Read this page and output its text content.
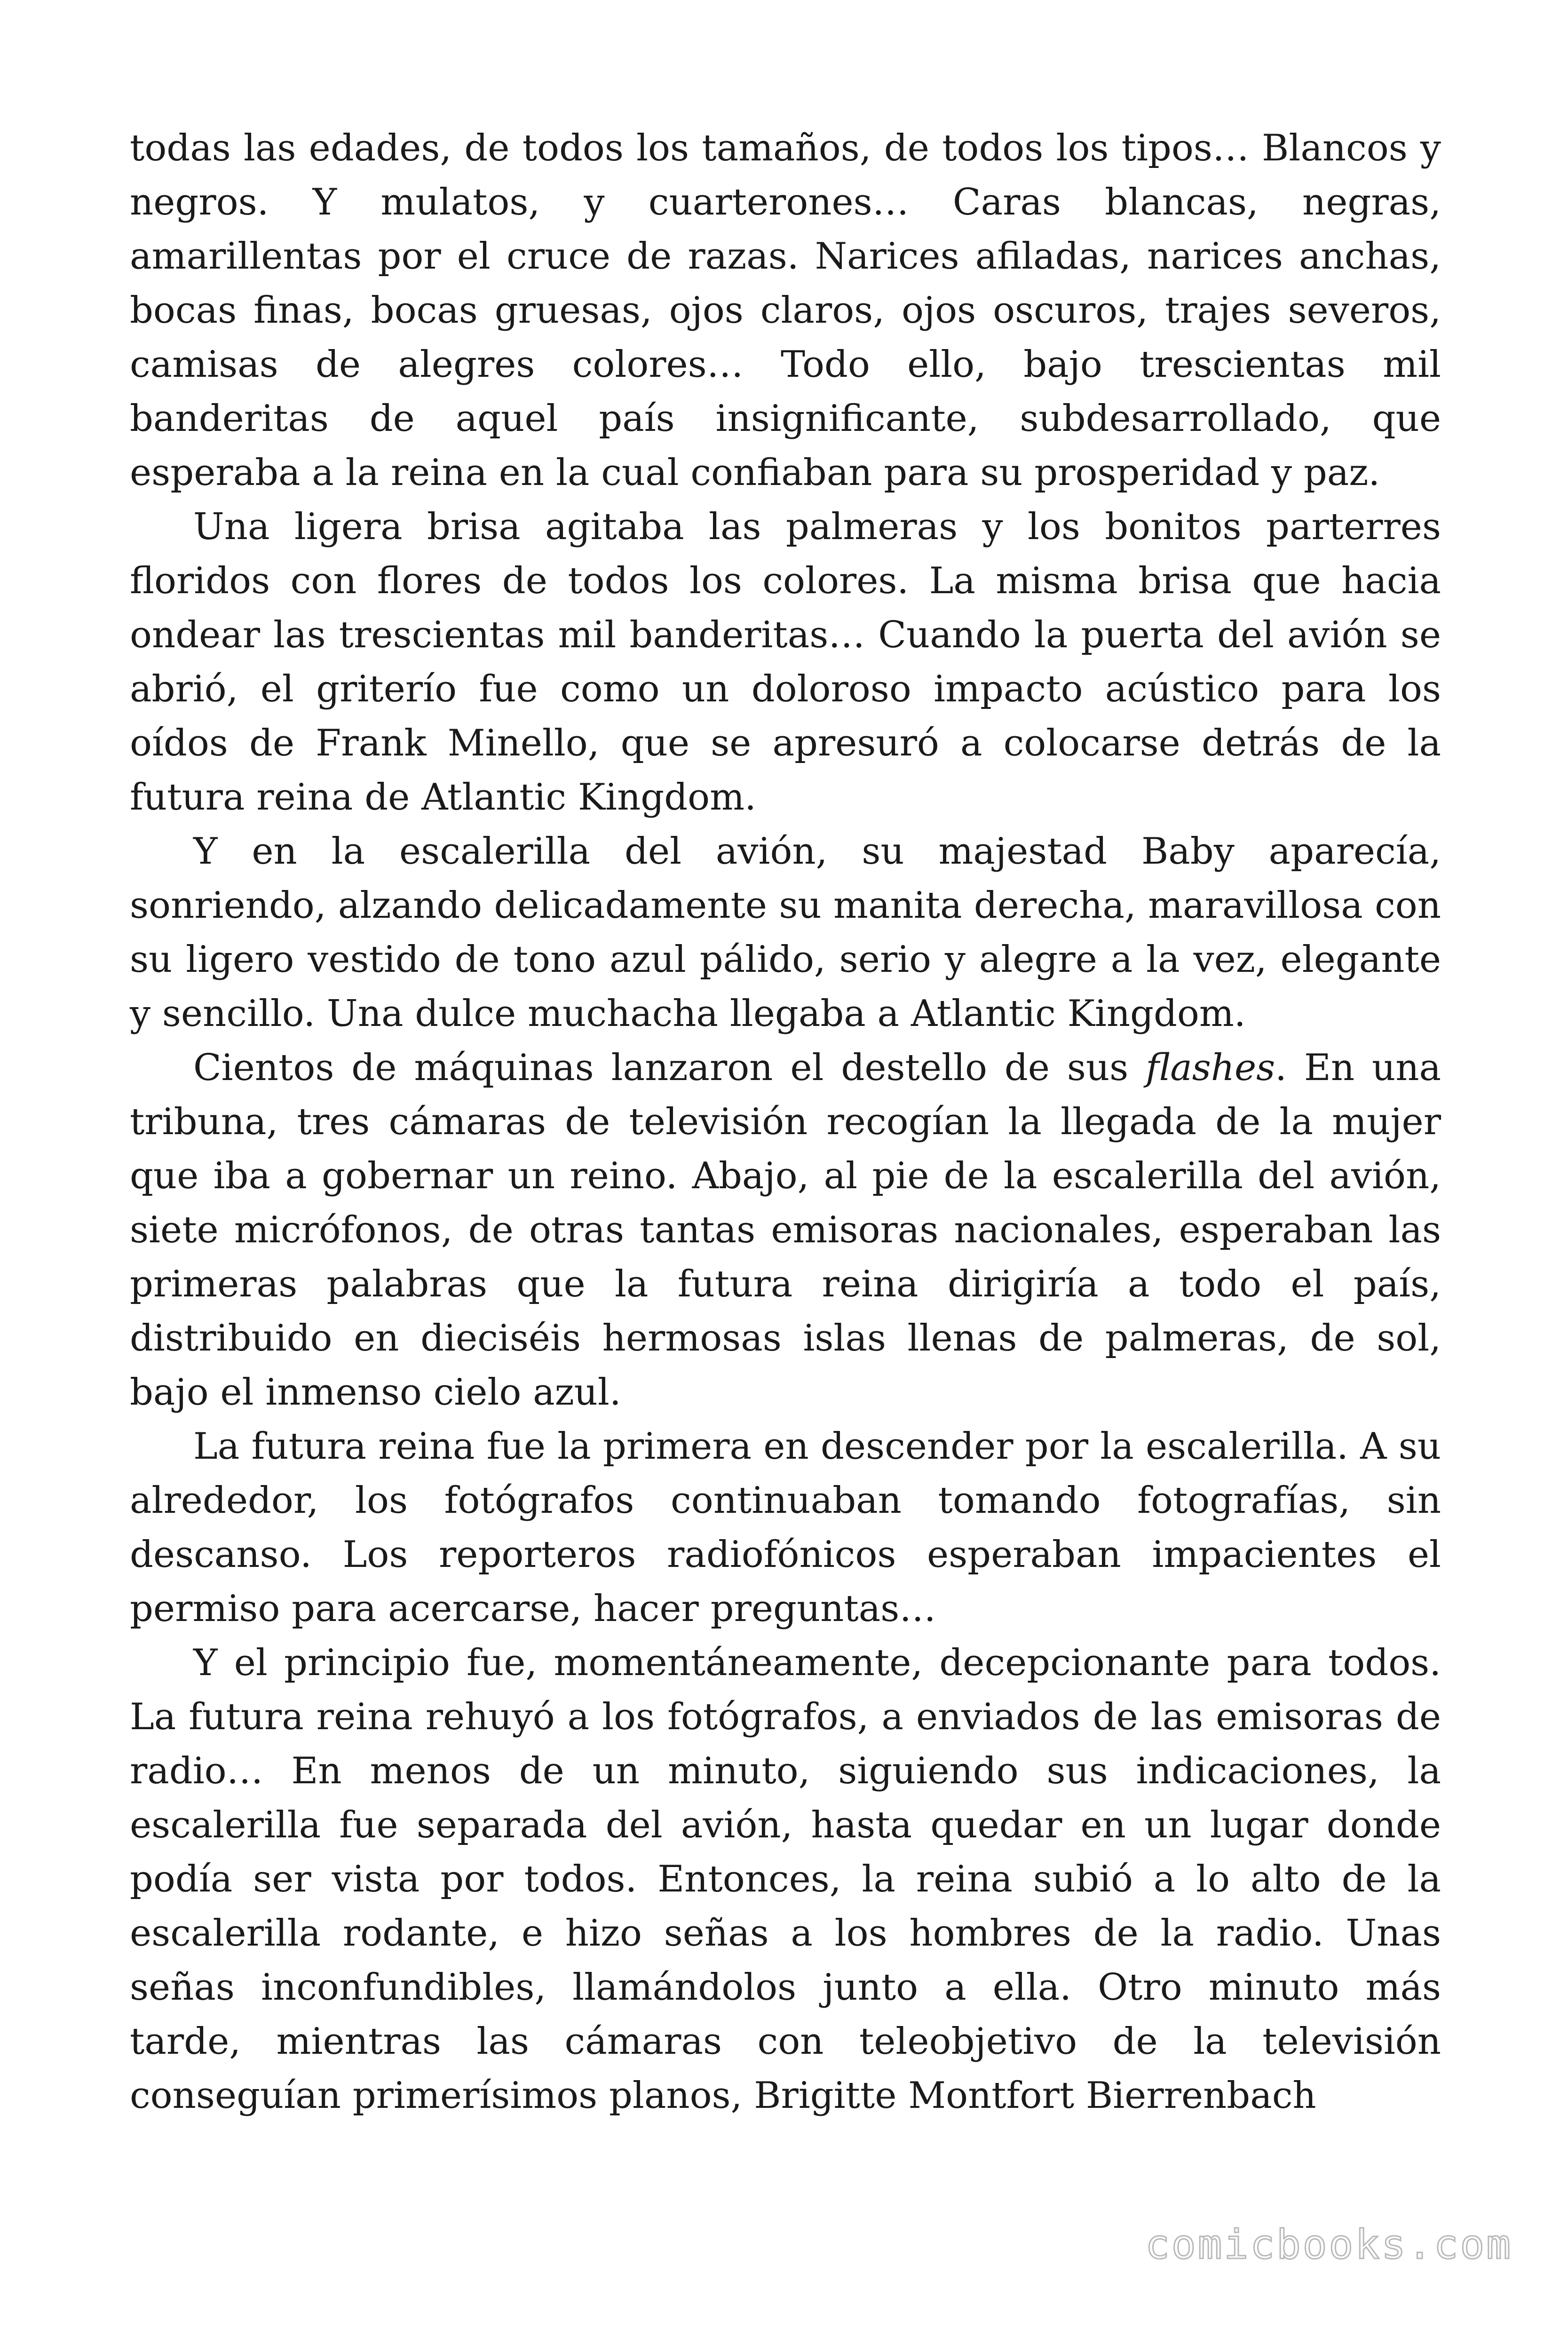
todas las edades, de todos los tamaños, de todos los tipos… Blancos y negros. Y mulatos, y cuarterones… Caras blancas, negras, amarillentas por el cruce de razas. Narices afiladas, narices anchas, bocas finas, bocas gruesas, ojos claros, ojos oscuros, trajes severos, camisas de alegres colores… Todo ello, bajo trescientas mil banderitas de aquel país insignificante, subdesarrollado, que esperaba a la reina en la cual confiaban para su prosperidad y paz.

Una ligera brisa agitaba las palmeras y los bonitos parterres floridos con flores de todos los colores. La misma brisa que hacia ondear las trescientas mil banderitas… Cuando la puerta del avión se abrió, el griterío fue como un doloroso impacto acústico para los oídos de Frank Minello, que se apresuró a colocarse detrás de la futura reina de Atlantic Kingdom.

Y en la escalerilla del avión, su majestad Baby aparecía, sonriendo, alzando delicadamente su manita derecha, maravillosa con su ligero vestido de tono azul pálido, serio y alegre a la vez, elegante y sencillo. Una dulce muchacha llegaba a Atlantic Kingdom.

Cientos de máquinas lanzaron el destello de sus flashes. En una tribuna, tres cámaras de televisión recogían la llegada de la mujer que iba a gobernar un reino. Abajo, al pie de la escalerilla del avión, siete micrófonos, de otras tantas emisoras nacionales, esperaban las primeras palabras que la futura reina dirigiría a todo el país, distribuido en dieciséis hermosas islas llenas de palmeras, de sol, bajo el inmenso cielo azul.

La futura reina fue la primera en descender por la escalerilla. A su alrededor, los fotógrafos continuaban tomando fotografías, sin descanso. Los reporteros radiofónicos esperaban impacientes el permiso para acercarse, hacer preguntas…

Y el principio fue, momentáneamente, decepcionante para todos. La futura reina rehuyó a los fotógrafos, a enviados de las emisoras de radio… En menos de un minuto, siguiendo sus indicaciones, la escalerilla fue separada del avión, hasta quedar en un lugar donde podía ser vista por todos. Entonces, la reina subió a lo alto de la escalerilla rodante, e hizo señas a los hombres de la radio. Unas señas inconfundibles, llamándolos junto a ella. Otro minuto más tarde, mientras las cámaras con teleobjetivo de la televisión conseguían primerísimos planos, Brigitte Montfort Bierrenbach

comicbooks.com
